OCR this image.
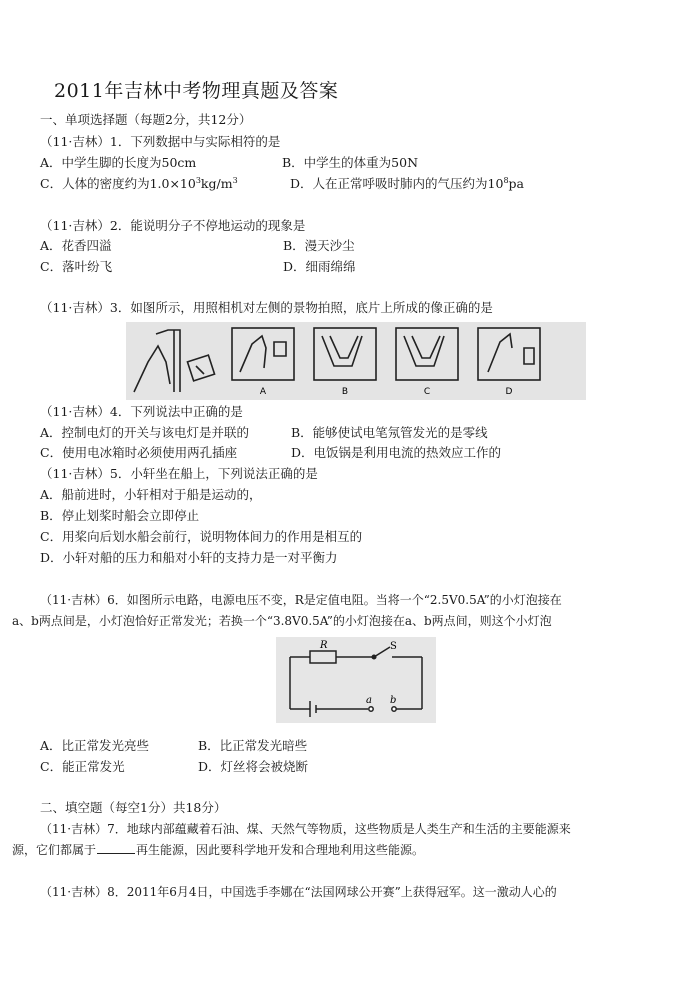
2011年吉林中考物理真题及答案
一、单项选择题（每题2分，共12分）
（11·吉林）1．下列数据中与实际相符的是
A．中学生脚的长度为50cm	B．中学生的体重为50N
C．人体的密度约为$1.0\times 10^3kg/m^3$	D．人在正常呼吸时肺内的气压约为$10^8pa$
（11·吉林）2．能说明分子不停地运动的现象是
A．花香四溢	B．漫天沙尘
C．落叶纷飞	D．细雨绵绵
（11·吉林）3．如图所示，用照相机对左侧的景物拍照，底片上所成的像正确的是
A	B	C	D
（11·吉林）4．下列说法中正确的是
A．控制电灯的开关与该电灯是并联的	B．能够使试电笔氖管发光的是零线
C．使用电冰箱时必须使用两孔插座	D．电饭锅是利用电流的热效应工作的
（11·吉林）5．小轩坐在船上，下列说法正确的是
A．船前进时，小轩相对于船是运动的，
B．停止划桨时船会立即停止
C．用桨向后划水船会前行，说明物体间力的作用是相互的
D．小轩对船的压力和船对小轩的支持力是一对平衡力
（11·吉林）6．如图所示电路，电源电压不变，R是定值电阻。当将一个“2.5V0.5A”的小灯泡接在
a、b两点间是，小灯泡恰好正常发光；若换一个“3.8V0.5A”的小灯泡接在a、b两点间，则这个小灯泡
R	S
a b
A．比正常发光亮些	B．比正常发光暗些
C．能正常发光	D．灯丝将会被烧断
二、填空题（每空1分）共18分）
（11·吉林）7．地球内部蕴藏着石油、煤、天然气等物质，这些物质是人类生产和生活的主要能源来
源，它们都属于	再生能源，因此要科学地开发和合理地利用这些能源。
（11·吉林）8．2011年6月4日，中国选手李娜在“法国网球公开赛”上获得冠军。这一激动人心的
